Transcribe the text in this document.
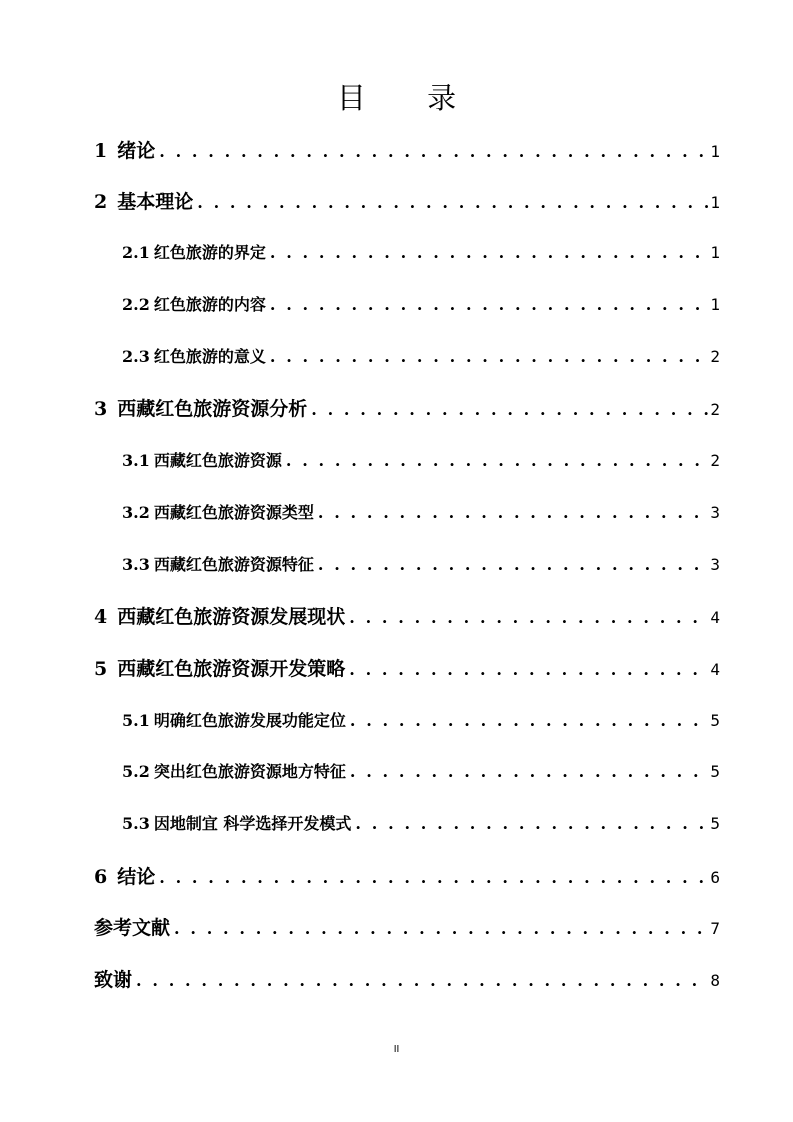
目 录
1 绪论 . . .	1
2 基本理论 . . .	1
2.1 红色旅游的界定 . . .	1
2.2 红色旅游的内容 . . .	1
2.3 红色旅游的意义 . . .	2
3 西藏红色旅游资源分析 . . .	2
3.1 西藏红色旅游资源 . . .	2
3.2 西藏红色旅游资源类型 . . .	3
3.3 西藏红色旅游资源特征 . . .	3
4 西藏红色旅游资源发展现状 . . .	4
5 西藏红色旅游资源开发策略 . . .	4
5.1 明确红色旅游发展功能定位 . . .	5
5.2 突出红色旅游资源地方特征 . . .	5
5.3 因地制宜 科学选择开发模式 . . .	5
6 结论 . . .	6
参考文献 . . .	7
致谢 . . .	8
II
